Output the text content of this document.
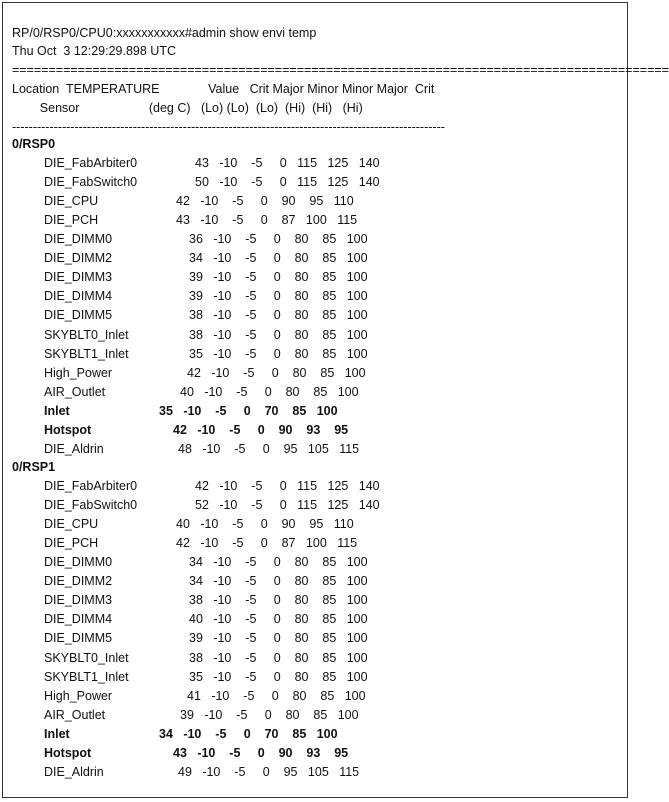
RP/0/RSP0/CPU0:xxxxxxxxxxx#admin show envi temp
Thu Oct  3 12:29:29.898 UTC
==========================================================================================
Location  TEMPERATURE              Value   Crit Major Minor Minor Major  Crit
Sensor                    (deg C)   (Lo) (Lo)  (Lo)  (Hi)  (Hi)   (Hi)
--------------------------------------------------------------------------------------------------------
0/RSP0
DIE_FabArbiter0	43   -10    -5     0   115   125   140
DIE_FabSwitch0	50   -10    -5     0   115   125   140
DIE_CPU	42   -10    -5     0    90    95   110
DIE_PCH	43   -10    -5     0    87   100   115
DIE_DIMM0	36   -10    -5     0    80    85   100
DIE_DIMM2	34   -10    -5     0    80    85   100
DIE_DIMM3	39   -10    -5     0    80    85   100
DIE_DIMM4	39   -10    -5     0    80    85   100
DIE_DIMM5	38   -10    -5     0    80    85   100
SKYBLT0_Inlet	38   -10    -5     0    80    85   100
SKYBLT1_Inlet	35   -10    -5     0    80    85   100
High_Power	42   -10    -5     0    80    85   100
AIR_Outlet	40   -10    -5     0    80    85   100
Inlet	35   -10    -5     0    70    85   100
Hotspot	42   -10    -5     0    90    93    95
DIE_Aldrin	48   -10    -5     0    95   105   115
0/RSP1
DIE_FabArbiter0	42   -10    -5     0   115   125   140
DIE_FabSwitch0	52   -10    -5     0   115   125   140
DIE_CPU	40   -10    -5     0    90    95   110
DIE_PCH	42   -10    -5     0    87   100   115
DIE_DIMM0	34   -10    -5     0    80    85   100
DIE_DIMM2	34   -10    -5     0    80    85   100
DIE_DIMM3	38   -10    -5     0    80    85   100
DIE_DIMM4	40   -10    -5     0    80    85   100
DIE_DIMM5	39   -10    -5     0    80    85   100
SKYBLT0_Inlet	38   -10    -5     0    80    85   100
SKYBLT1_Inlet	35   -10    -5     0    80    85   100
High_Power	41   -10    -5     0    80    85   100
AIR_Outlet	39   -10    -5     0    80    85   100
Inlet	34   -10    -5     0    70    85   100
Hotspot	43   -10    -5     0    90    93    95
DIE_Aldrin	49   -10    -5     0    95   105   115
